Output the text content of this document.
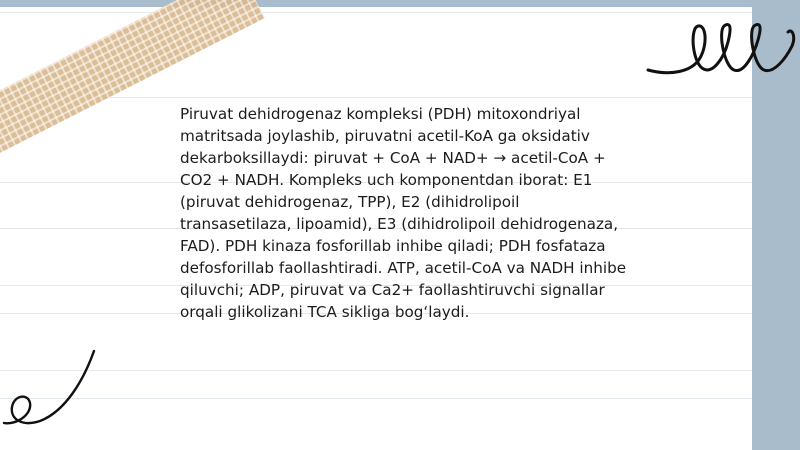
Piruvat dehidrogenaz kompleksi (PDH) mitoxondriyal matritsada joylashib, piruvatni acetil-KoA ga oksidativ dekarboksillaydi: piruvat + CoA + NAD+ → acetil-CoA + CO2 + NADH. Kompleks uch komponentdan iborat: E1 (piruvat dehidrogenaz, TPP), E2 (dihidrolipoil transasetilaza, lipoamid), E3 (dihidrolipoil dehidrogenaza, FAD). PDH kinaza fosforillab inhibe qiladi; PDH fosfataza defosforillab faollashtiradi. ATP, acetil-CoA va NADH inhibe qiluvchi; ADP, piruvat va Ca2+ faollashtiruvchi signallar orqali glikolizani TCA sikliga bog‘laydi.
